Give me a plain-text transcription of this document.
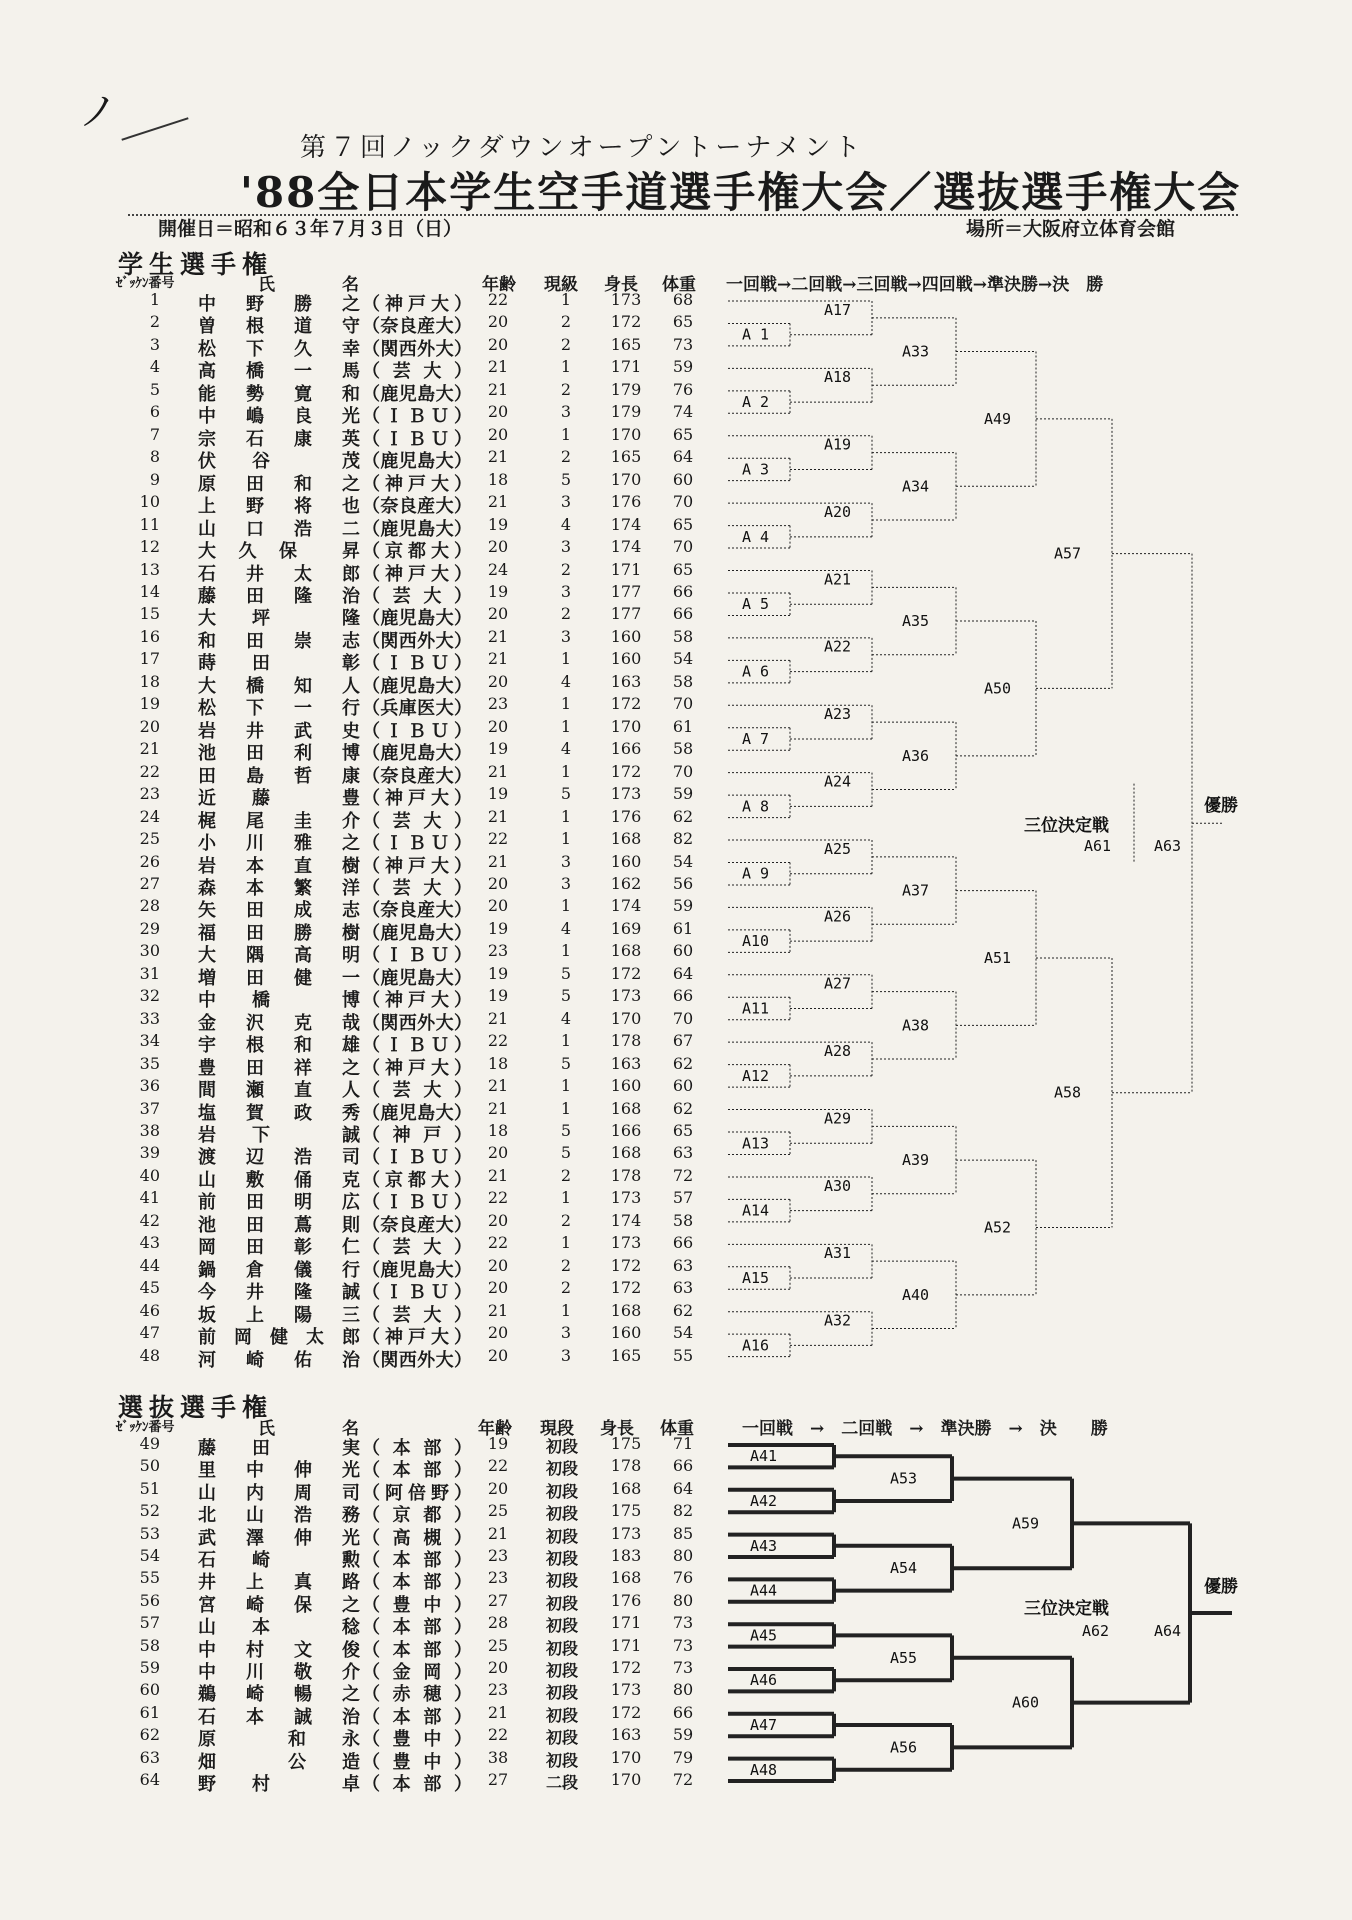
ノ
第７回ノックダウンオープントーナメント
'88全日本学生空手道選手権大会／選抜選手権大会
開催日＝昭和６３年７月３日（日）	場所＝大阪府立体育会館
学生選手権
ｾﾞｯｹﾝ番号	氏	名	年齢 現級 身長 体重 一回戦→二回戦→三回戦→四回戦→準決勝→決　勝
1 中 野 勝 之 （ 神 戸 大 ） 22	1	173	68
2 曽 根 道 守 （ 奈 良 産 大 ） 20	2	172	65
3 松 下 久 幸 （ 関 西 外 大 ） 20	2	165	73
4 高 橋 一 馬 （ 芸 大 ） 21	1	171	59
5 能 勢 寛 和 （ 鹿 児 島 大 ） 21	2	179	76
6 中 嶋 良 光 （ Ｉ Ｂ Ｕ ） 20	3	179	74
7 宗 石 康 英 （ Ｉ Ｂ Ｕ ） 20	1	170	65
8 伏 谷	茂 （ 鹿 児 島 大 ） 21	2	165	64
9 原 田 和 之 （ 神 戸 大 ） 18	5	170	60
10 上 野 将 也 （ 奈 良 産 大 ） 21	3	176	70
11 山 口 浩 二 （ 鹿 児 島 大 ） 19	4	174	65
12 大 久 保	昇 （ 京 都 大 ） 20	3	174	70
13 石 井 太 郎 （ 神 戸 大 ） 24	2	171	65
14 藤 田 隆 治 （ 芸 大 ） 19	3	177	66
15 大 坪	隆 （ 鹿 児 島 大 ） 20	2	177	66
16 和 田 崇 志 （ 関 西 外 大 ） 21	3	160	58
17 蒔 田	彰 （ Ｉ Ｂ Ｕ ） 21	1	160	54
18 大 橋 知 人 （ 鹿 児 島 大 ） 20	4	163	58
19 松 下 一 行 （ 兵 庫 医 大 ） 23	1	172	70
20 岩 井 武 史 （ Ｉ Ｂ Ｕ ） 20	1	170	61
21 池 田 利 博 （ 鹿 児 島 大 ） 19	4	166	58
22 田 島 哲 康 （ 奈 良 産 大 ） 21	1	172	70
23 近 藤	豊 （ 神 戸 大 ） 19	5	173	59
24 梶 尾 圭 介 （ 芸 大 ） 21	1	176	62
25 小 川 雅 之 （ Ｉ Ｂ Ｕ ） 22	1	168	82
26 岩 本 直 樹 （ 神 戸 大 ） 21	3	160	54
27 森 本 繁 洋 （ 芸 大 ） 20	3	162	56
28 矢 田 成 志 （ 奈 良 産 大 ） 20	1	174	59
29 福 田 勝 樹 （ 鹿 児 島 大 ） 19	4	169	61
30 大 隅 高 明 （ Ｉ Ｂ Ｕ ） 23	1	168	60
31 増 田 健 一 （ 鹿 児 島 大 ） 19	5	172	64
32 中 橋	博 （ 神 戸 大 ） 19	5	173	66
33 金 沢 克 哉 （ 関 西 外 大 ） 21	4	170	70
34 宇 根 和 雄 （ Ｉ Ｂ Ｕ ） 22	1	178	67
35 豊 田 祥 之 （ 神 戸 大 ） 18	5	163	62
36 間 瀬 直 人 （ 芸 大 ） 21	1	160	60
37 塩 賀 政 秀 （ 鹿 児 島 大 ） 21	1	168	62
38 岩 下	誠 （ 神 戸 ） 18	5	166	65
39 渡 辺 浩 司 （ Ｉ Ｂ Ｕ ） 20	5	168	63
40 山 敷 俑 克 （ 京 都 大 ） 21	2	178	72
41 前 田 明 広 （ Ｉ Ｂ Ｕ ） 22	1	173	57
42 池 田 蔦 則 （ 奈 良 産 大 ） 20	2	174	58
43 岡 田 彰 仁 （ 芸 大 ） 22	1	173	66
44 鍋 倉 儀 行 （ 鹿 児 島 大 ） 20	2	172	63
45 今 井 隆 誠 （ Ｉ Ｂ Ｕ ） 20	2	172	63
46 坂 上 陽 三 （ 芸 大 ） 21	1	168	62
47 前 岡 健 太 郎 （ 神 戸 大 ） 20	3	160	54
48 河 崎 佑 治 （ 関 西 外 大 ） 20	3	165	55
選抜選手権
ｾﾞｯｹﾝ番号	氏	名	年齢 現段 身長 体重	一回戦　→　二回戦　→　準決勝　→　決　　勝
49 藤 田	実 （ 本 部 ） 19	初段	175	71
50 里 中 伸 光 （ 本 部 ） 22	初段	178	66
51 山 内 周 司 （ 阿 倍 野 ） 20	初段	168	64
52 北 山 浩 務 （ 京 都 ） 25	初段	175	82
53 武 澤 伸 光 （ 高 槻 ） 21	初段	173	85
54 石 崎	勲 （ 本 部 ） 23	初段	183	80
55 井 上 真 路 （ 本 部 ） 23	初段	168	76
56 宮 崎 保 之 （ 豊 中 ） 27	初段	176	80
57 山 本	稔 （ 本 部 ） 28	初段	171	73
58 中 村 文 俊 （ 本 部 ） 25	初段	171	73
59 中 川 敬 介 （ 金 岡 ） 20	初段	172	73
60 鵜 崎 暢 之 （ 赤 穂 ） 23	初段	173	80
61 石 本 誠 治 （ 本 部 ） 21	初段	172	66
62 原	和 永 （ 豊 中 ） 22	初段	163	59
63 畑	公 造 （ 豊 中 ） 38	初段	170	79
64 野 村	卓 （ 本 部 ） 27	二段	170	72
A 1
A 2
A 3
A 4
A 5
A 6
A 7
A 8
A 9
A10
A11
A12
A13
A14
A15
A16
A17
A18
A19
A20
A21
A22
A23
A24
A25
A26
A27
A28
A29
A30
A31
A32
A33
A34
A35
A36
A37
A38
A39
A40
A49
A50
A51
A52
A57
A58
三位決定戦
A61	A63
優勝
A41
A42
A43
A44
A45
A46
A47
A48
A53
A54
A55
A56
A59
A60
三位決定戦
A62	A64
優勝
